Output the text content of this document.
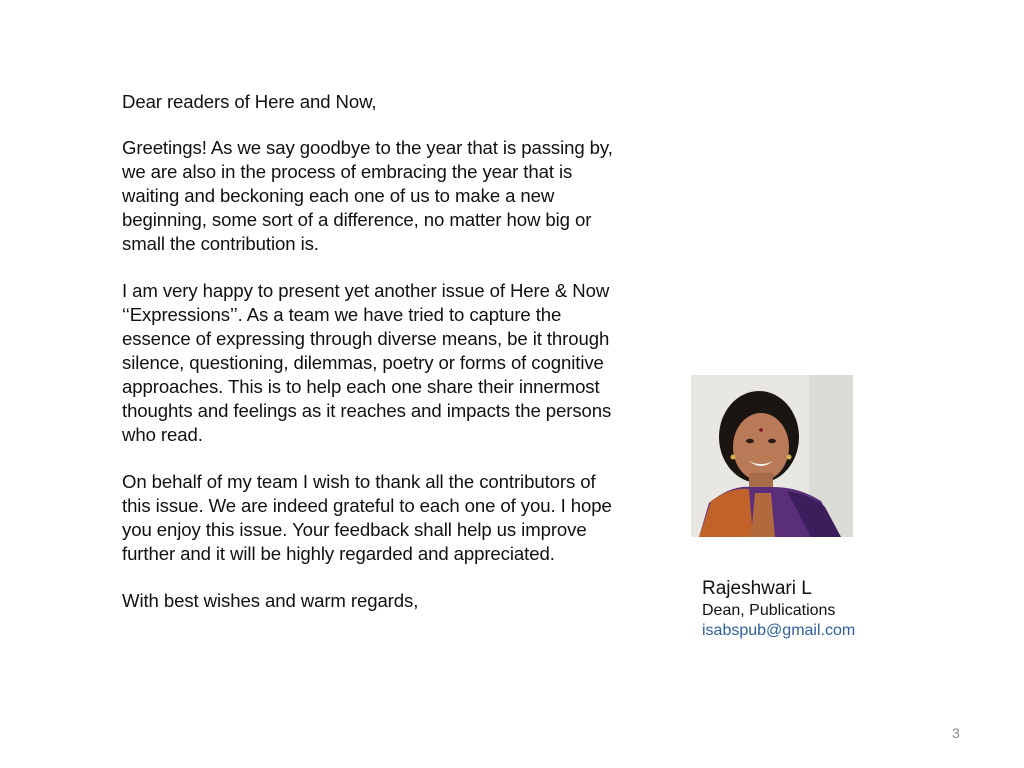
Dear readers of Here and Now,

Greetings! As we say goodbye to the year that is passing by, we are also in the process of embracing the year that is waiting and beckoning each one of us to make a new beginning, some sort of a difference, no matter how big or small the contribution is.

I am very happy to present yet another issue of Here & Now ‘‘Expressions’’. As a team we have tried to capture the essence of expressing through diverse means, be it through silence, questioning, dilemmas, poetry or forms of cognitive approaches. This is to help each one share their innermost thoughts and feelings as it reaches and impacts the persons who read.

On behalf of my team I wish to thank all the contributors of this issue. We are indeed grateful to each one of you. I hope you enjoy this issue. Your feedback shall help us improve further and it will be highly regarded and appreciated.

With best wishes and warm regards,

Rajeshwari L

Dean, Publications

isabspub@gmail.com
3
